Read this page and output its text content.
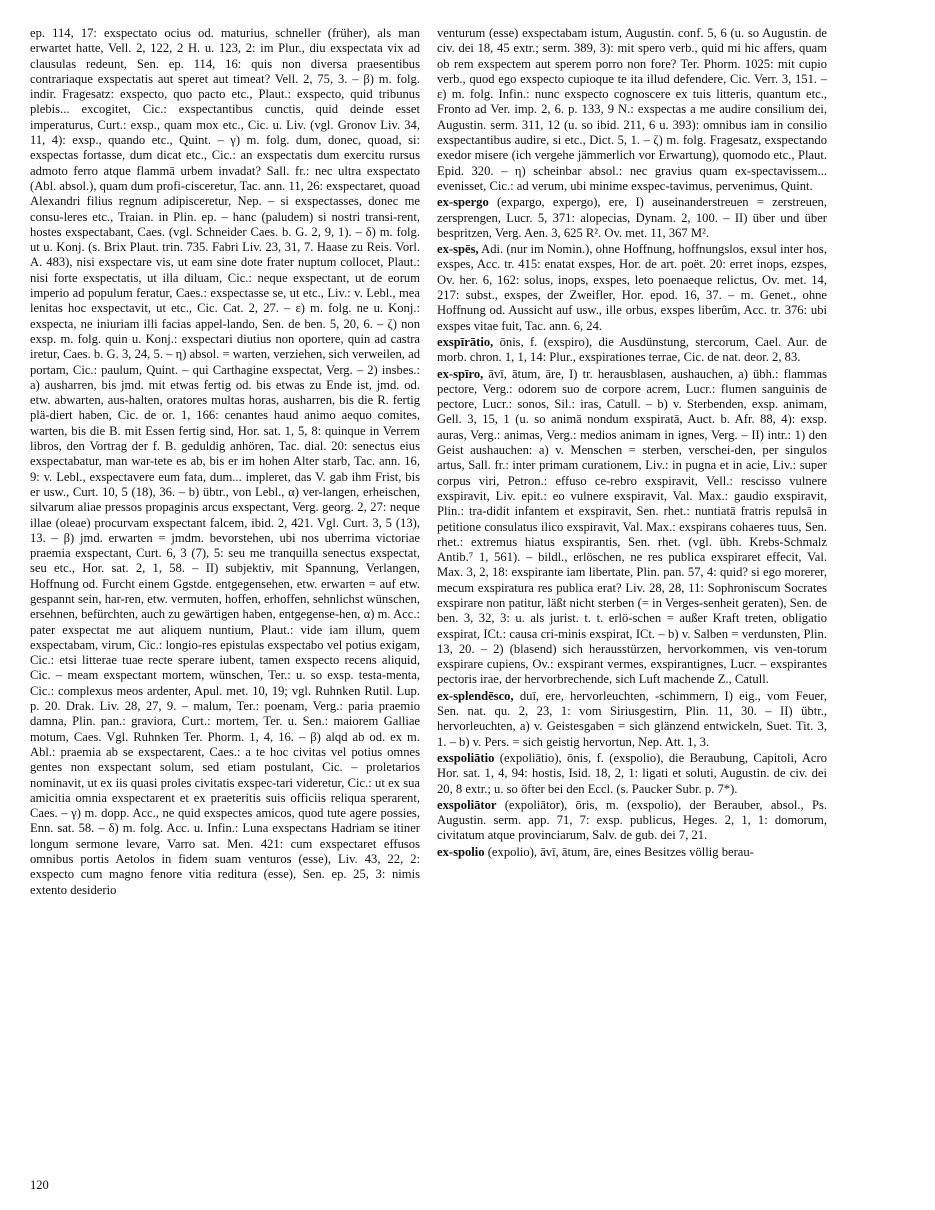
ep. 114, 17: exspectato ocius od. maturius, schneller (früher), als man erwartet hatte, Vell. 2, 122, 2 H. u. 123, 2: im Plur., diu exspectata vix ad clausulas redeunt, Sen. ep. 114, 16: quis non diversa praesentibus contrariaque exspectatis aut speret aut timeat? Vell. 2, 75, 3. – β) m. folg. indir. Fragesatz: exspecto, quo pacto etc., Plaut.: exspecto, quid tribunus plebis... excogitet, Cic.: exspectantibus cunctis, quid deinde esset imperaturus, Curt.: exsp., quam mox etc., Cic. u. Liv. (vgl. Gronov Liv. 34, 11, 4): exsp., quando etc., Quint. – γ) m. folg. dum, donec, quoad, si: exspectas fortasse, dum dicat etc., Cic.: an exspectatis dum exercitu rursus admoto ferro atque flammā urbem invadat? Sall. fr.: nec ultra exspectato (Abl. absol.), quam dum profi-cisceretur, Tac. ann. 11, 26: exspectaret, quoad Alexandri filius regnum adipisceretur, Nep. – si exspectasses, donec me consu-leres etc., Traian. in Plin. ep. – hanc (paludem) si nostri transi-rent, hostes exspectabant, Caes. (vgl. Schneider Caes. b. G. 2, 9, 1). – δ) m. folg. ut u. Konj. (s. Brix Plaut. trin. 735. Fabri Liv. 23, 31, 7. Haase zu Reis. Vorl. A. 483), nisi exspectare vis, ut eam sine dote frater nuptum collocet, Plaut.: nisi forte exspectatis, ut illa diluam, Cic.: neque exspectant, ut de eorum imperio ad populum feratur, Caes.: exspectasse se, ut etc., Liv.: v. Lebl., mea lenitas hoc exspectavit, ut etc., Cic. Cat. 2, 27. – ε) m. folg. ne u. Konj.: exspecta, ne iniuriam illi facias appel-lando, Sen. de ben. 5, 20, 6. – ζ) non exsp. m. folg. quin u. Konj.: exspectari diutius non oportere, quin ad castra iretur, Caes. b. G. 3, 24, 5. – η) absol. = warten, verziehen, sich verweilen, ad portam, Cic.: paulum, Quint. – qui Carthagine exspectat, Verg. – 2) insbes.: a) ausharren, bis jmd. mit etwas fertig od. bis etwas zu Ende ist, jmd. od. etw. abwarten, aus-halten, oratores multas horas, ausharren, bis die R. fertig plä-diert haben, Cic. de or. 1, 166: cenantes haud animo aequo comites, warten, bis die B. mit Essen fertig sind, Hor. sat. 1, 5, 8: quinque in Verrem libros, den Vortrag der f. B. geduldig anhören, Tac. dial. 20: senectus eius exspectabatur, man war-tete es ab, bis er im hohen Alter starb, Tac. ann. 16, 9: v. Lebl., exspectavere eum fata, dum... impleret, das V. gab ihm Frist, bis er usw., Curt. 10, 5 (18), 36. – b) übtr., von Lebl., α) ver-langen, erheischen, silvarum aliae pressos propaginis arcus exspectant, Verg. georg. 2, 27: neque illae (oleae) procurvam exspectant falcem, ibid. 2, 421. Vgl. Curt. 3, 5 (13), 13. – β) jmd. erwarten = jmdm. bevorstehen, ubi nos uberrima victoriae praemia exspectant, Curt. 6, 3 (7), 5: seu me tranquilla senectus exspectat, seu etc., Hor. sat. 2, 1, 58. – II) subjektiv, mit Spannung, Verlangen, Hoffnung od. Furcht einem Ggstde. entgegensehen, etw. erwarten = auf etw. gespannt sein, har-ren, etw. vermuten, hoffen, erhoffen, sehnlichst wünschen, ersehnen, befürchten, auch zu gewärtigen haben, entgegense-hen, α) m. Acc.: pater exspectat me aut aliquem nuntium, Plaut.: vide iam illum, quem exspectabam, virum, Cic.: longio-res epistulas exspectabo vel potius exigam, Cic.: etsi litterae tuae recte sperare iubent, tamen exspecto recens aliquid, Cic. – meam exspectant mortem, wünschen, Ter.: u. so exsp. testa-menta, Cic.: complexus meos ardenter, Apul. met. 10, 19; vgl. Ruhnken Rutil. Lup. p. 20. Drak. Liv. 28, 27, 9. – malum, Ter.: poenam, Verg.: paria praemio damna, Plin. pan.: graviora, Curt.: mortem, Ter. u. Sen.: maiorem Galliae motum, Caes. Vgl. Ruhnken Ter. Phorm. 1, 4, 16. – β) alqd ab od. ex m. Abl.: praemia ab se exspectarent, Caes.: a te hoc civitas vel potius omnes gentes non exspectant solum, sed etiam postulant, Cic. – proletarios nominavit, ut ex iis quasi proles civitatis exspec-tari videretur, Cic.: ut ex sua amicitia omnia exspectarent et ex praeteritis suis officiis reliqua sperarent, Caes. – γ) m. dopp. Acc., ne quid exspectes amicos, quod tute agere possies, Enn. sat. 58. – δ) m. folg. Acc. u. Infin.: Luna exspectans Hadriam se itiner longum sermone levare, Varro sat. Men. 421: cum exspectaret effusos omnibus portis Aetolos in fidem suam venturos (esse), Liv. 43, 22, 2: exspecto cum magno fenore vitia reditura (esse), Sen. ep. 25, 3: nimis extento desiderio

venturum (esse) exspectabam istum, Augustin. conf. 5, 6 (u. so Augustin. de civ. dei 18, 45 extr.; serm. 389, 3): mit spero verb., quid mi hic affers, quam ob rem exspectem aut sperem porro non fore? Ter. Phorm. 1025: mit cupio verb., quod ego exspecto cupioque te ita illud defendere, Cic. Verr. 3, 151. – ε) m. folg. Infin.: nunc exspecto cognoscere ex tuis litteris, quantum etc., Fronto ad Ver. imp. 2, 6. p. 133, 9 N.: exspectas a me audire consilium dei, Augustin. serm. 311, 12 (u. so ibid. 211, 6 u. 393): omnibus iam in consilio exspectantibus audire, si etc., Dict. 5, 1. – ζ) m. folg. Fragesatz, exspectando exedor misere (ich vergehe jämmerlich vor Erwartung), quomodo etc., Plaut. Epid. 320. – η) scheinbar absol.: nec gravius quam ex-spectavissem... evenisset, Cic.: ad verum, ubi minime exspec-tavimus, pervenimus, Quint.

ex-spergo (expargo, expergo), ere, I) auseinanderstreuen = zerstreuen, zersprengen, Lucr. 5, 371: alopecias, Dynam. 2, 100. – II) über und über bespritzen, Verg. Aen. 3, 625 R². Ov. met. 11, 367 M².

ex-spēs, Adi. (nur im Nomin.), ohne Hoffnung, hoffnungslos, exsul inter hos, exspes, Acc. tr. 415: enatat exspes, Hor. de art. poët. 20: erret inops, ezspes, Ov. her. 6, 162: solus, inops, exspes, leto poenaeque relictus, Ov. met. 14, 217: subst., exspes, der Zweifler, Hor. epod. 16, 37. – m. Genet., ohne Hoffnung od. Aussicht auf usw., ille orbus, exspes liberûm, Acc. tr. 376: ubi exspes vitae fuit, Tac. ann. 6, 24.

exspīrātio, ōnis, f. (exspiro), die Ausdünstung, stercorum, Cael. Aur. de morb. chron. 1, 1, 14: Plur., exspirationes terrae, Cic. de nat. deor. 2, 83.

ex-spīro, āvī, ātum, āre, I) tr. herausblasen, aushauchen, a) übh.: flammas pectore, Verg.: odorem suo de corpore acrem, Lucr.: flumen sanguinis de pectore, Lucr.: sonos, Sil.: iras, Catull. – b) v. Sterbenden, exsp. animam, Gell. 3, 15, 1 (u. so animā nondum exspiratā, Auct. b. Afr. 88, 4): exsp. auras, Verg.: animas, Verg.: medios animam in ignes, Verg. – II) intr.: 1) den Geist aushauchen: a) v. Menschen = sterben, verschei-den, per singulos artus, Sall. fr.: inter primam curationem, Liv.: in pugna et in acie, Liv.: super corpus viri, Petron.: effuso ce-rebro exspiravit, Vell.: rescisso vulnere exspiravit, Liv. epit.: eo vulnere exspiravit, Val. Max.: gaudio exspiravit, Plin.: tra-didit infantem et exspiravit, Sen. rhet.: nuntiatā fratris repulsā in petitione consulatus ilico exspiravit, Val. Max.: exspirans cohaeres tuus, Sen. rhet.: extremus hiatus exspirantis, Sen. rhet. (vgl. übh. Krebs-Schmalz Antib.⁷ 1, 561). – bildl., erlöschen, ne res publica exspiraret effecit, Val. Max. 3, 2, 18: exspirante iam libertate, Plin. pan. 57, 4: quid? si ego morerer, mecum exspiratura res publica erat? Liv. 28, 28, 11: Sophroniscum Socrates exspirare non patitur, läßt nicht sterben (= in Verges-senheit geraten), Sen. de ben. 3, 32, 3: u. als jurist. t. t. erlö-schen = außer Kraft treten, obligatio exspirat, ICt.: causa cri-minis exspirat, ICt. – b) v. Salben = verdunsten, Plin. 13, 20. – 2) (blasend) sich herausstürzen, hervorkommen, vis ven-torum exspirare cupiens, Ov.: exspirant vermes, exspirantignes, Lucr. – exspirantes pectoris irae, der hervorbrechende, sich Luft machende Z., Catull.

ex-splendēsco, duī, ere, hervorleuchten, -schimmern, I) eig., vom Feuer, Sen. nat. qu. 2, 23, 1: vom Siriusgestirn, Plin. 11, 30. – II) übtr., hervorleuchten, a) v. Geistesgaben = sich glänzend entwickeln, Suet. Tit. 3, 1. – b) v. Pers. = sich geistig hervortun, Nep. Att. 1, 3.

exspoliātio (expoliātio), ōnis, f. (exspolio), die Beraubung, Capitoli, Acro Hor. sat. 1, 4, 94: hostis, Isid. 18, 2, 1: ligati et soluti, Augustin. de civ. dei 20, 8 extr.; u. so öfter bei den Eccl. (s. Paucker Subr. p. 7*).

exspoliātor (expoliātor), ōris, m. (exspolio), der Berauber, absol., Ps. Augustin. serm. app. 71, 7: exsp. publicus, Heges. 2, 1, 1: domorum, civitatum atque provinciarum, Salv. de gub. dei 7, 21.

ex-spolio (expolio), āvī, ātum, āre, eines Besitzes völlig berau-

120
